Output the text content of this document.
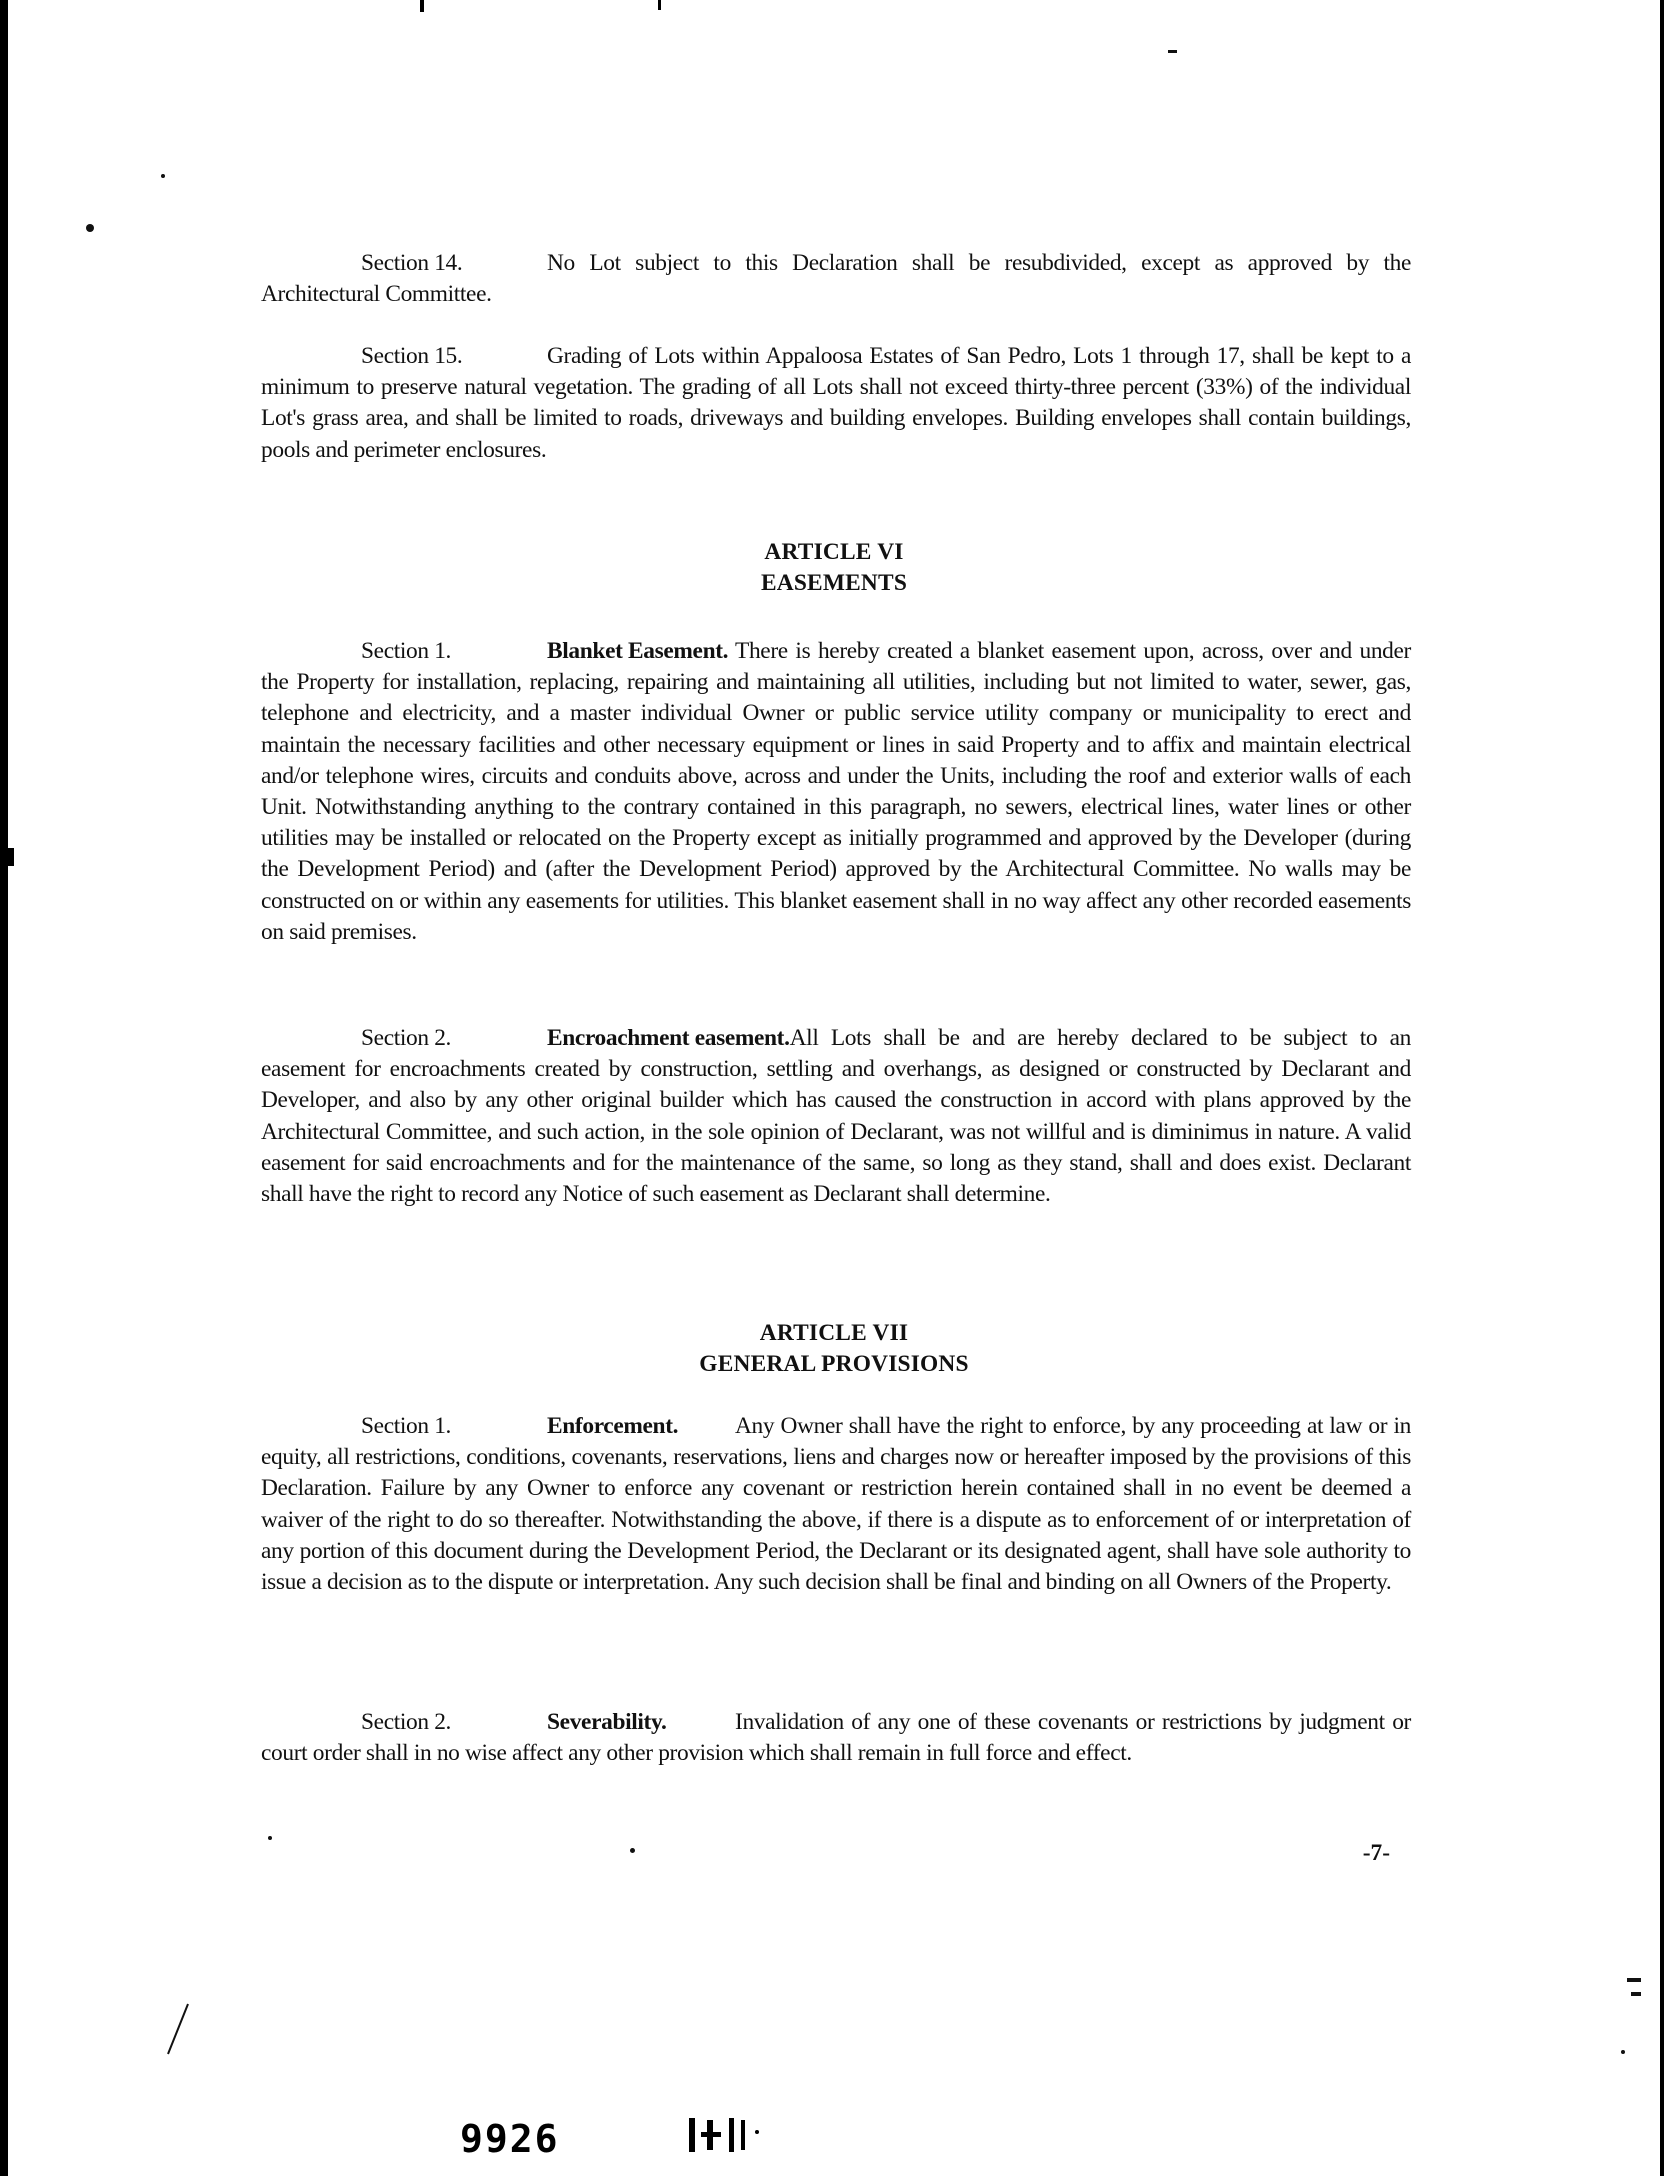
Section 14.	No Lot subject to this Declaration shall be resubdivided, except as approved by the Architectural Committee.

Section 15.	Grading of Lots within Appaloosa Estates of San Pedro, Lots 1 through 17, shall be kept to a minimum to preserve natural vegetation. The grading of all Lots shall not exceed thirty-three percent (33%) of the individual Lot's grass area, and shall be limited to roads, driveways and building envelopes. Building envelopes shall contain buildings, pools and perimeter enclosures.

ARTICLE VI
EASEMENTS

Section 1.	Blanket Easement. There is hereby created a blanket easement upon, across, over and under the Property for installation, replacing, repairing and maintaining all utilities, including but not limited to water, sewer, gas, telephone and electricity, and a master individual Owner or public service utility company or municipality to erect and maintain the necessary facilities and other necessary equipment or lines in said Property and to affix and maintain electrical and/or telephone wires, circuits and conduits above, across and under the Units, including the roof and exterior walls of each Unit. Notwithstanding anything to the contrary contained in this paragraph, no sewers, electrical lines, water lines or other utilities may be installed or relocated on the Property except as initially programmed and approved by the Developer (during the Development Period) and (after the Development Period) approved by the Architectural Committee. No walls may be constructed on or within any easements for utilities. This blanket easement shall in no way affect any other recorded easements on said premises.

Section 2.	Encroachment easement.All Lots shall be and are hereby declared to be subject to an easement for encroachments created by construction, settling and overhangs, as designed or constructed by Declarant and Developer, and also by any other original builder which has caused the construction in accord with plans approved by the Architectural Committee, and such action, in the sole opinion of Declarant, was not willful and is diminimus in nature. A valid easement for said encroachments and for the maintenance of the same, so long as they stand, shall and does exist. Declarant shall have the right to record any Notice of such easement as Declarant shall determine.

ARTICLE VII
GENERAL PROVISIONS

Section 1.	Enforcement. Any Owner shall have the right to enforce, by any proceeding at law or in equity, all restrictions, conditions, covenants, reservations, liens and charges now or hereafter imposed by the provisions of this Declaration. Failure by any Owner to enforce any covenant or restriction herein contained shall in no event be deemed a waiver of the right to do so thereafter. Notwithstanding the above, if there is a dispute as to enforcement of or interpretation of any portion of this document during the Development Period, the Declarant or its designated agent, shall have sole authority to issue a decision as to the dispute or interpretation. Any such decision shall be final and binding on all Owners of the Property.

Section 2.	Severability.	Invalidation of any one of these covenants or restrictions by judgment or court order shall in no wise affect any other provision which shall remain in full force and effect.

-7-
9926
